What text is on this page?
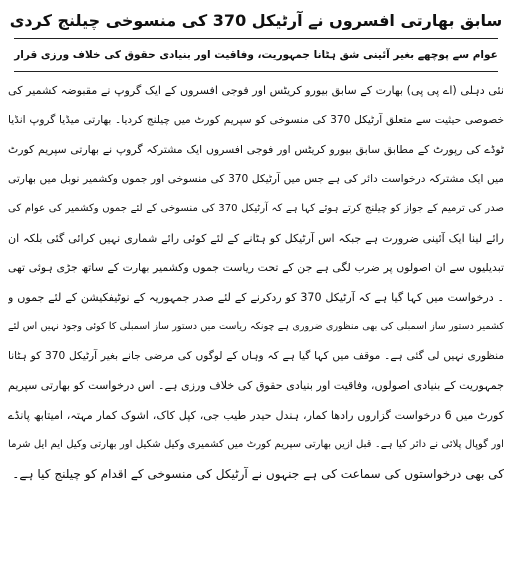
سابق بھارتی افسروں نے آرٹیکل 370 کی منسوخی چیلنج کردی
عوام سے پوچھے بغیر آئینی شق ہٹانا جمہوریت، وفاقیت اور بنیادی حقوق کی خلاف ورزی قرار
نئی دہلی (اے پی پی) بھارت کے سابق بیورو کریٹس اور فوجی افسروں کے ایک گروپ نے مقبوضہ کشمیر کی
خصوصی حیثیت سے متعلق آرٹیکل 370 کی منسوخی کو سپریم کورٹ میں چیلنج کردیا۔ بھارتی میڈیا گروپ انڈیا
ٹوڈے کی رپورٹ کے مطابق سابق بیورو کریٹس اور فوجی افسروں ایک مشترکہ گروپ نے بھارتی سپریم کورٹ
میں ایک مشترکہ درخواست دائر کی ہے جس میں آرٹیکل 370 کی منسوخی اور جموں وکشمیر نوبل میں بھارتی
صدر کی ترمیم کے جواز کو چیلنج کرتے ہوئے کہا ہے کہ آرٹیکل 370 کی منسوخی کے لئے جموں وکشمیر کی عوام کی
رائے لینا ایک آئینی ضرورت ہے جبکہ اس آرٹیکل کو ہٹانے کے لئے کوئی رائے شماری نہیں کرائی گئی بلکہ ان
تبدیلیوں سے ان اصولوں پر ضرب لگی ہے جن کے تحت ریاست جموں وکشمیر بھارت کے ساتھ جڑی ہوئی تھی
۔ درخواست میں کہا گیا ہے کہ آرٹیکل 370 کو ردکرنے کے لئے صدر جمہوریہ کے نوٹیفکیشن کے لئے جموں و
کشمیر دستور ساز اسمبلی کی بھی منظوری ضروری ہے چونکہ ریاست میں دستور ساز اسمبلی کا کوئی وجود نہیں اس لئے
منظوری نہیں لی گئی ہے۔ موقف میں کہا گیا ہے کہ وہاں کے لوگوں کی مرضی جانے بغیر آرٹیکل 370 کو ہٹانا
جمہوریت کے بنیادی اصولوں، وفاقیت اور بنیادی حقوق کی خلاف ورزی ہے۔ اس درخواست کو بھارتی سپریم
کورٹ میں 6 درخواست گزاروں رادھا کمار، ہندل حیدر طیب جی، کپل کاک، اشوک کمار مہتہ، امیتابھ پانڈے
اور گوپال پلائی نے دائر کیا ہے۔ قبل ازیں بھارتی سپریم کورٹ میں کشمیری وکیل شکیل اور بھارتی وکیل ایم ایل شرما
کی بھی درخواستوں کی سماعت کی ہے جنہوں نے آرٹیکل کی منسوخی کے اقدام کو چیلنج کیا ہے۔
